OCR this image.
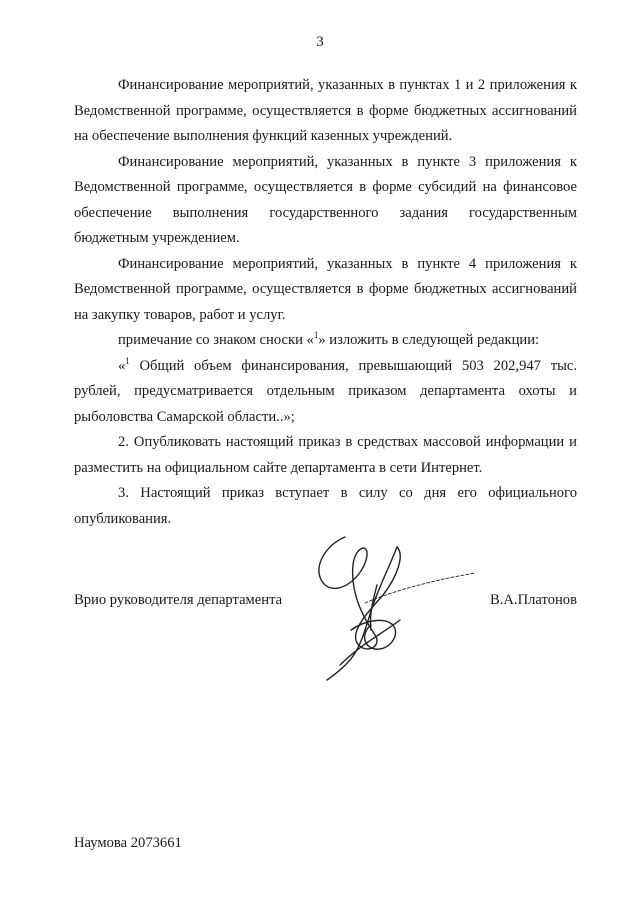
3

Финансирование мероприятий, указанных в пунктах 1 и 2 приложения к Ведомственной программе, осуществляется в форме бюджетных ассигнований на обеспечение выполнения функций казенных учреждений.

Финансирование мероприятий, указанных в пункте 3 приложения к Ведомственной программе, осуществляется в форме субсидий на финансовое обеспечение выполнения государственного задания государственным бюджетным учреждением.

Финансирование мероприятий, указанных в пункте 4 приложения к Ведомственной программе, осуществляется в форме бюджетных ассигнований на закупку товаров, работ и услуг.

примечание со знаком сноски «$^1$» изложить в следующей редакции:

«$^1$ Общий объем финансирования, превышающий 503 202,947 тыс. рублей, предусматривается отдельным приказом департамента охоты и рыболовства Самарской области..»;

2. Опубликовать настоящий приказ в средствах массовой информации и разместить на официальном сайте департамента в сети Интернет.

3. Настоящий приказ вступает в силу со дня его официального опубликования.

Врио руководителя департамента	В.А.Платонов
Наумова 2073661
